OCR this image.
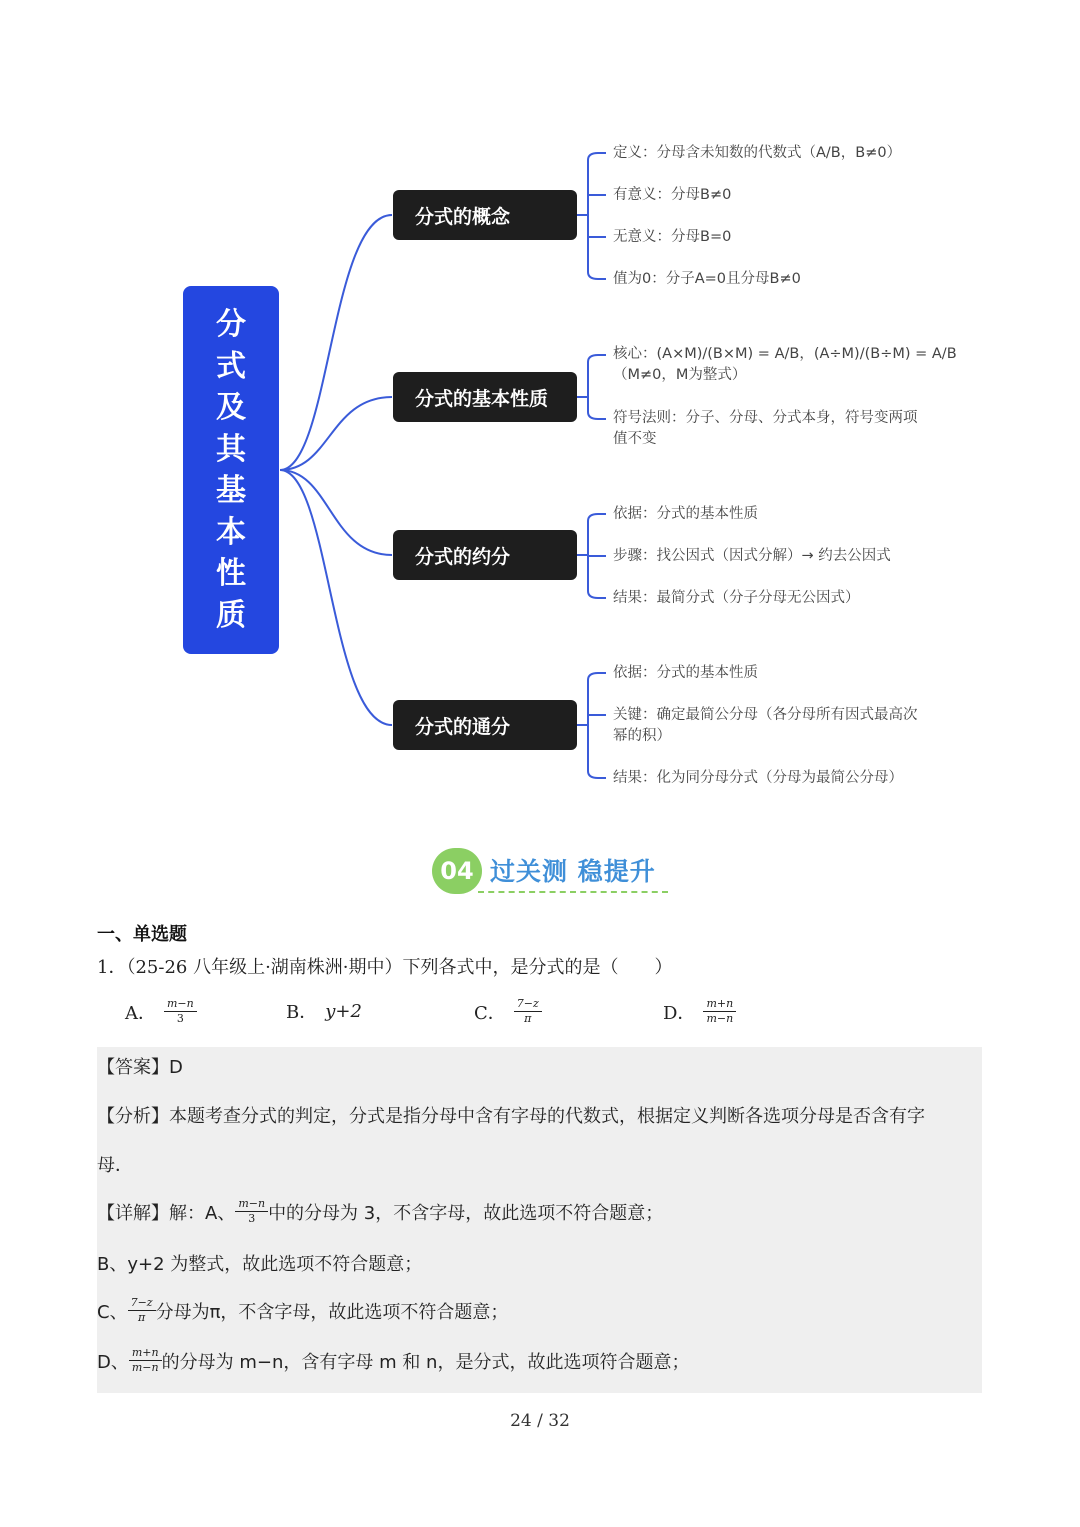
分
式
及
其
基
本
性
质
分式的概念
分式的基本性质
分式的约分
分式的通分
定义：分母含未知数的代数式（A/B，B≠0）
有意义：分母B≠0
无意义：分母B=0
值为0：分子A=0且分母B≠0
核心：(A×M)/(B×M) = A/B，(A÷M)/(B÷M) = A/B
（M≠0，M为整式）
符号法则：分子、分母、分式本身，符号变两项
值不变
依据：分式的基本性质
步骤：找公因式（因式分解）→ 约去公因式
结果：最简分式（分子分母无公因式）
依据：分式的基本性质
关键：确定最简公分母（各分母所有因式最高次
幂的积）
结果：化为同分母分式（分母为最简公分母）
04 过关测 稳提升
一、单选题
1．（25-26 八年级上·湖南株洲·期中）下列各式中，是分式的是（　　）
A． $\frac{m-n}{3}$	B． y+2	C． $\frac{7-z}{\pi}$	D． $\frac{m+n}{m-n}$
【答案】D
【分析】本题考查分式的判定，分式是指分母中含有字母的代数式，根据定义判断各选项分母是否含有字
母．
【详解】解：A、 $\frac{m-n}{3}$ 中的分母为 3，不含字母，故此选项不符合题意；
B、y+2 为整式，故此选项不符合题意；
C、 $\frac{7-z}{\pi}$ 分母为π，不含字母，故此选项不符合题意；
D、 $\frac{m+n}{m-n}$ 的分母为 m−n，含有字母 m 和 n，是分式，故此选项符合题意；
24 / 32
